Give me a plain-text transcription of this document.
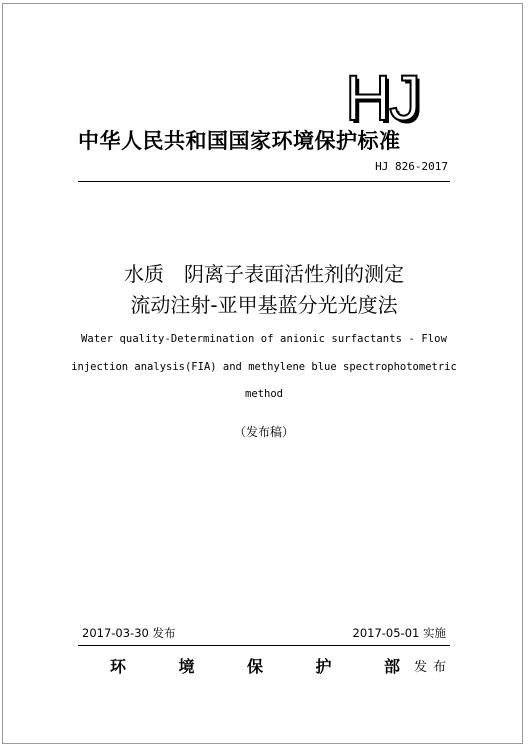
HJ
中华人民共和国国家环境保护标准
HJ 826-2017
水质　阴离子表面活性剂的测定
流动注射-亚甲基蓝分光光度法
Water quality-Determination of anionic surfactants - Flow
injection analysis(FIA) and methylene blue spectrophotometric
method
（发布稿）
2017-03-30 发布	2017-05-01 实施
环	境	保	护	部 发布
